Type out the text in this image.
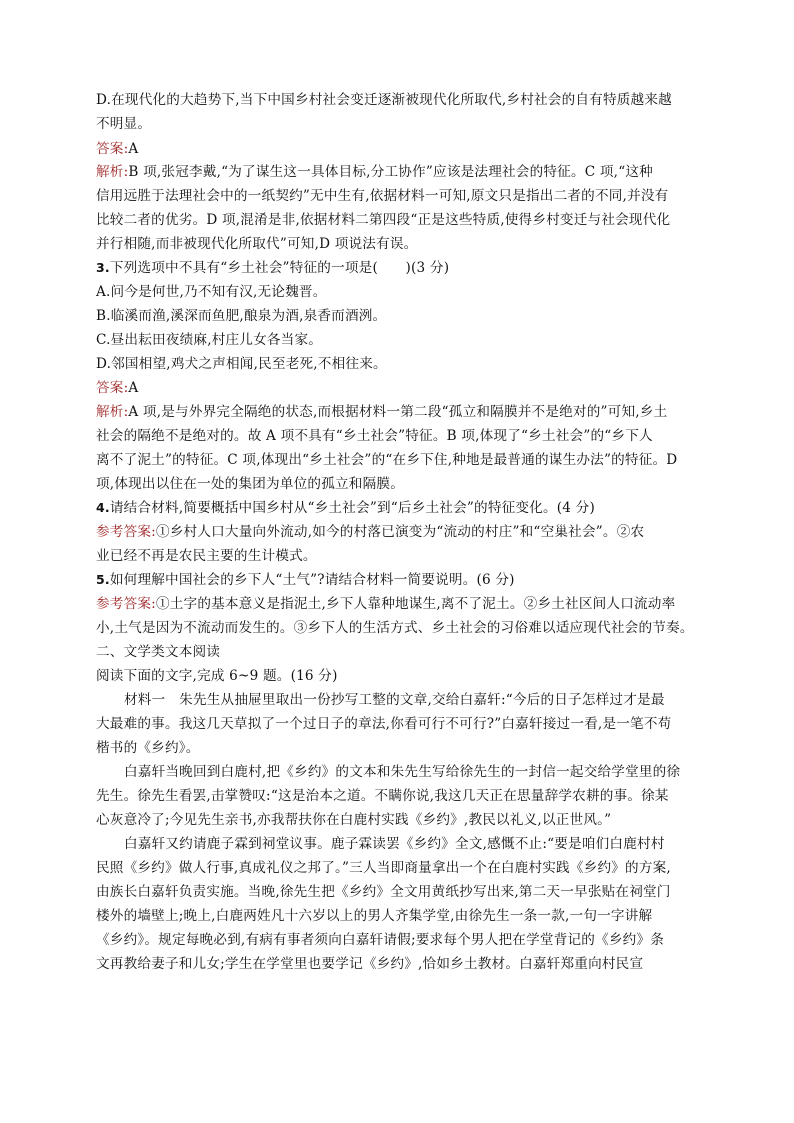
D.在现代化的大趋势下,当下中国乡村社会变迁逐渐被现代化所取代,乡村社会的自有特质越来越
不明显。
答案:A
解析:B 项,张冠李戴,“为了谋生这一具体目标,分工协作”应该是法理社会的特征。C 项,“这种
信用远胜于法理社会中的一纸契约”无中生有,依据材料一可知,原文只是指出二者的不同,并没有
比较二者的优劣。D 项,混淆是非,依据材料二第四段“正是这些特质,使得乡村变迁与社会现代化
并行相随,而非被现代化所取代”可知,D 项说法有误。
3.下列选项中不具有“乡土社会”特征的一项是(　　)(3 分)
A.问今是何世,乃不知有汉,无论魏晋。
B.临溪而渔,溪深而鱼肥,酿泉为酒,泉香而酒洌。
C.昼出耘田夜绩麻,村庄儿女各当家。
D.邻国相望,鸡犬之声相闻,民至老死,不相往来。
答案:A
解析:A 项,是与外界完全隔绝的状态,而根据材料一第二段“孤立和隔膜并不是绝对的”可知,乡土
社会的隔绝不是绝对的。故 A 项不具有“乡土社会”特征。B 项,体现了“乡土社会”的“乡下人
离不了泥土”的特征。C 项,体现出“乡土社会”的“在乡下住,种地是最普通的谋生办法”的特征。D
项,体现出以住在一处的集团为单位的孤立和隔膜。
4.请结合材料,简要概括中国乡村从“乡土社会”到“后乡土社会”的特征变化。(4 分)
参考答案:①乡村人口大量向外流动,如今的村落已演变为“流动的村庄”和“空巢社会”。②农
业已经不再是农民主要的生计模式。
5.如何理解中国社会的乡下人“土气”?请结合材料一简要说明。(6 分)
参考答案:①土字的基本意义是指泥土,乡下人靠种地谋生,离不了泥土。②乡土社区间人口流动率
小,土气是因为不流动而发生的。③乡下人的生活方式、乡土社会的习俗难以适应现代社会的节奏。
二、文学类文本阅读
阅读下面的文字,完成 6~9 题。(16 分)
材料一　朱先生从抽屉里取出一份抄写工整的文章,交给白嘉轩:“今后的日子怎样过才是最
大最难的事。我这几天草拟了一个过日子的章法,你看可行不可行?”白嘉轩接过一看,是一笔不苟
楷书的《乡约》。
白嘉轩当晚回到白鹿村,把《乡约》的文本和朱先生写给徐先生的一封信一起交给学堂里的徐
先生。徐先生看罢,击掌赞叹:“这是治本之道。不瞒你说,我这几天正在思量辞学农耕的事。徐某
心灰意冷了;今见先生亲书,亦我帮扶你在白鹿村实践《乡约》,教民以礼义,以正世风。”
白嘉轩又约请鹿子霖到祠堂议事。鹿子霖读罢《乡约》全文,感慨不止:“要是咱们白鹿村村
民照《乡约》做人行事,真成礼仪之邦了。”三人当即商量拿出一个在白鹿村实践《乡约》的方案,
由族长白嘉轩负责实施。当晚,徐先生把《乡约》全文用黄纸抄写出来,第二天一早张贴在祠堂门
楼外的墙壁上;晚上,白鹿两姓凡十六岁以上的男人齐集学堂,由徐先生一条一款,一句一字讲解
《乡约》。规定每晚必到,有病有事者须向白嘉轩请假;要求每个男人把在学堂背记的《乡约》条
文再教给妻子和儿女;学生在学堂里也要学记《乡约》,恰如乡土教材。白嘉轩郑重向村民宣
